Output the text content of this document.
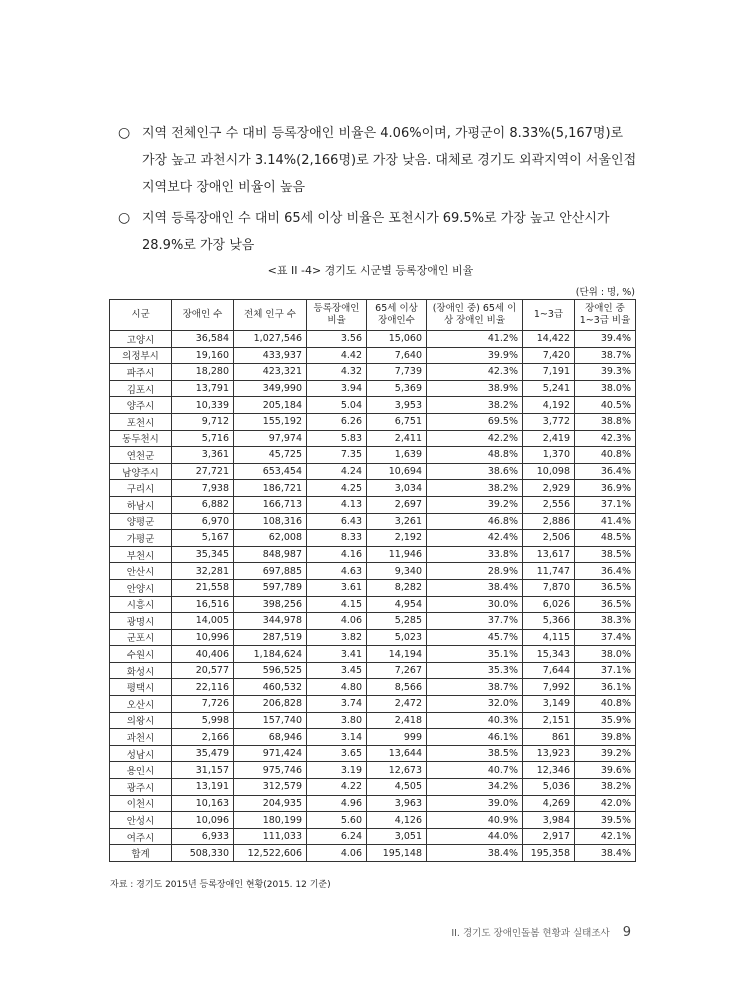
○ 지역 전체인구 수 대비 등록장애인 비율은 4.06%이며, 가평군이 8.33%(5,167명)로 가장 높고 과천시가 3.14%(2,166명)로 가장 낮음. 대체로 경기도 외곽지역이 서울인접지역보다 장애인 비율이 높음
○ 지역 등록장애인 수 대비 65세 이상 비율은 포천시가 69.5%로 가장 높고 안산시가 28.9%로 가장 낮음
<표 II -4> 경기도 시군별 등록장애인 비율
(단위 : 명, %)
시군	장애인 수	전체 인구 수	등록장애인 비율	65세 이상 장애인수	(장애인 중) 65세 이상 장애인 비율	1~3급	장애인 중 1~3급 비율
고양시	36,584	1,027,546	3.56	15,060	41.2%	14,422	39.4%
의정부시	19,160	433,937	4.42	7,640	39.9%	7,420	38.7%
파주시	18,280	423,321	4.32	7,739	42.3%	7,191	39.3%
김포시	13,791	349,990	3.94	5,369	38.9%	5,241	38.0%
양주시	10,339	205,184	5.04	3,953	38.2%	4,192	40.5%
포천시	9,712	155,192	6.26	6,751	69.5%	3,772	38.8%
동두천시	5,716	97,974	5.83	2,411	42.2%	2,419	42.3%
연천군	3,361	45,725	7.35	1,639	48.8%	1,370	40.8%
남양주시	27,721	653,454	4.24	10,694	38.6%	10,098	36.4%
구리시	7,938	186,721	4.25	3,034	38.2%	2,929	36.9%
하남시	6,882	166,713	4.13	2,697	39.2%	2,556	37.1%
양평군	6,970	108,316	6.43	3,261	46.8%	2,886	41.4%
가평군	5,167	62,008	8.33	2,192	42.4%	2,506	48.5%
부천시	35,345	848,987	4.16	11,946	33.8%	13,617	38.5%
안산시	32,281	697,885	4.63	9,340	28.9%	11,747	36.4%
안양시	21,558	597,789	3.61	8,282	38.4%	7,870	36.5%
시흥시	16,516	398,256	4.15	4,954	30.0%	6,026	36.5%
광명시	14,005	344,978	4.06	5,285	37.7%	5,366	38.3%
군포시	10,996	287,519	3.82	5,023	45.7%	4,115	37.4%
수원시	40,406	1,184,624	3.41	14,194	35.1%	15,343	38.0%
화성시	20,577	596,525	3.45	7,267	35.3%	7,644	37.1%
평택시	22,116	460,532	4.80	8,566	38.7%	7,992	36.1%
오산시	7,726	206,828	3.74	2,472	32.0%	3,149	40.8%
의왕시	5,998	157,740	3.80	2,418	40.3%	2,151	35.9%
과천시	2,166	68,946	3.14	999	46.1%	861	39.8%
성남시	35,479	971,424	3.65	13,644	38.5%	13,923	39.2%
용인시	31,157	975,746	3.19	12,673	40.7%	12,346	39.6%
광주시	13,191	312,579	4.22	4,505	34.2%	5,036	38.2%
이천시	10,163	204,935	4.96	3,963	39.0%	4,269	42.0%
안성시	10,096	180,199	5.60	4,126	40.9%	3,984	39.5%
여주시	6,933	111,033	6.24	3,051	44.0%	2,917	42.1%
합계	508,330	12,522,606	4.06	195,148	38.4%	195,358	38.4%
자료 : 경기도 2015년 등록장애인 현황(2015. 12 기준)
II. 경기도 장애인돌봄 현황과 실태조사 9
